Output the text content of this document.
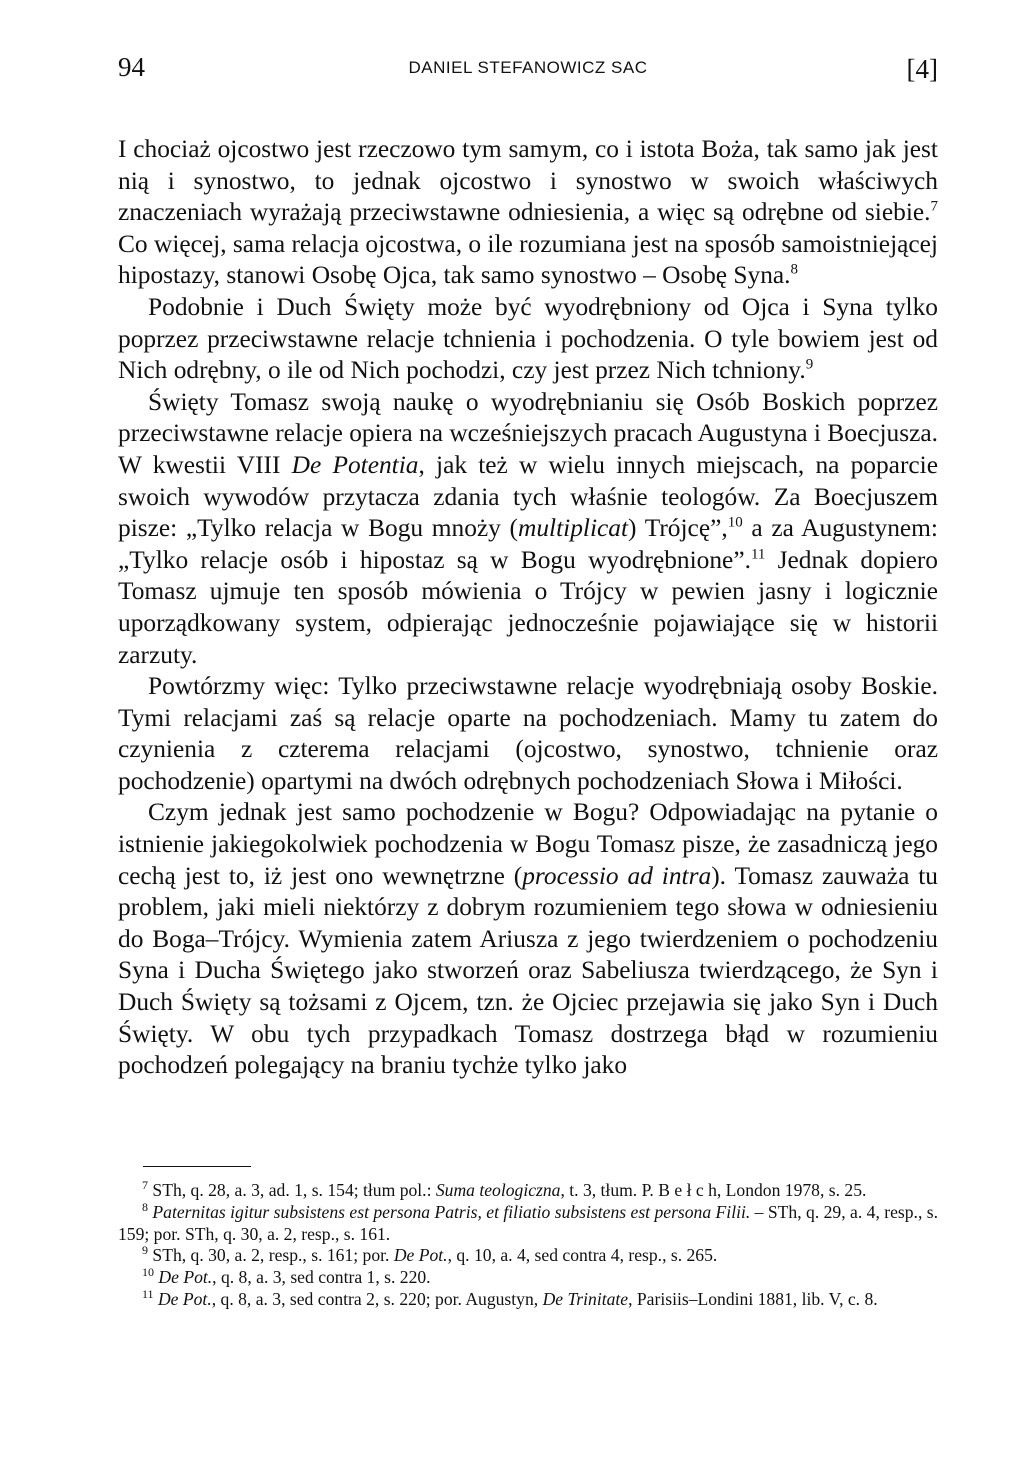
94	DANIEL STEFANOWICZ SAC	[4]

I chociaż ojcostwo jest rzeczowo tym samym, co i istota Boża, tak samo jak jest nią i synostwo, to jednak ojcostwo i synostwo w swoich właściwych znaczeniach wyrażają przeciwstawne odniesienia, a więc są odrębne od siebie.$^7$ Co więcej, sama relacja ojcostwa, o ile rozumiana jest na sposób samoistniejącej hipostazy, stanowi Osobę Ojca, tak samo synostwo – Osobę Syna.$^8$

Podobnie i Duch Święty może być wyodrębniony od Ojca i Syna tylko poprzez przeciwstawne relacje tchnienia i pochodzenia. O tyle bowiem jest od Nich odrębny, o ile od Nich pochodzi, czy jest przez Nich tchniony.$^9$

Święty Tomasz swoją naukę o wyodrębnianiu się Osób Boskich poprzez przeciwstawne relacje opiera na wcześniejszych pracach Augustyna i Boecjusza. W kwestii VIII De Potentia, jak też w wielu innych miejscach, na poparcie swoich wywodów przytacza zdania tych właśnie teologów. Za Boecjuszem pisze: „Tylko relacja w Bogu mnoży (multiplicat) Trójcę”,$^{10}$ a za Augustynem: „Tylko relacje osób i hipostaz są w Bogu wyodrębnione”.$^{11}$ Jednak dopiero Tomasz ujmuje ten sposób mówienia o Trójcy w pewien jasny i logicznie uporządkowany system, odpierając jednocześnie pojawiające się w historii zarzuty.

Powtórzmy więc: Tylko przeciwstawne relacje wyodrębniają osoby Boskie. Tymi relacjami zaś są relacje oparte na pochodzeniach. Mamy tu zatem do czynienia z czterema relacjami (ojcostwo, synostwo, tchnienie oraz pochodzenie) opartymi na dwóch odrębnych pochodzeniach Słowa i Miłości.

Czym jednak jest samo pochodzenie w Bogu? Odpowiadając na pytanie o istnienie jakiegokolwiek pochodzenia w Bogu Tomasz pisze, że zasadniczą jego cechą jest to, iż jest ono wewnętrzne (processio ad intra). Tomasz zauważa tu problem, jaki mieli niektórzy z dobrym rozumieniem tego słowa w odniesieniu do Boga–Trójcy. Wymienia zatem Ariusza z jego twierdzeniem o pochodzeniu Syna i Ducha Świętego jako stworzeń oraz Sabeliusza twierdzącego, że Syn i Duch Święty są tożsami z Ojcem, tzn. że Ojciec przejawia się jako Syn i Duch Święty. W obu tych przypadkach Tomasz dostrzega błąd w rozumieniu pochodzeń polegający na braniu tychże tylko jako

$^7$ STh, q. 28, a. 3, ad. 1, s. 154; tłum pol.: Suma teologiczna, t. 3, tłum. P. B e ł c h, London 1978, s. 25.

$^8$ Paternitas igitur subsistens est persona Patris, et filiatio subsistens est persona Filii. – STh, q. 29, a. 4, resp., s. 159; por. STh, q. 30, a. 2, resp., s. 161.

$^9$ STh, q. 30, a. 2, resp., s. 161; por. De Pot., q. 10, a. 4, sed contra 4, resp., s. 265.

$^{10}$ De Pot., q. 8, a. 3, sed contra 1, s. 220.

$^{11}$ De Pot., q. 8, a. 3, sed contra 2, s. 220; por. Augustyn, De Trinitate, Parisiis–Londini 1881, lib. V, c. 8.
